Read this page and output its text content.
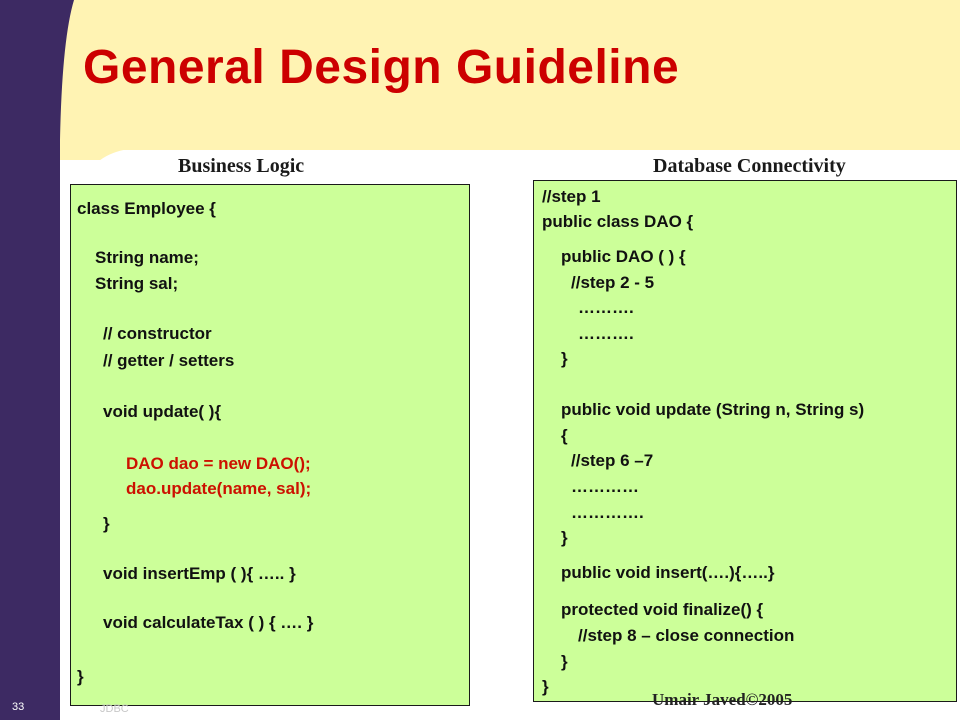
General Design Guideline
Business Logic	Database Connectivity
class Employee {
String name;
String sal;
// constructor
// getter / setters
void update( ){
DAO dao = new DAO();
dao.update(name, sal);
}
void insertEmp ( ){ ….. }
void calculateTax ( ) { …. }
}
//step 1
public class DAO {
public DAO ( ) {
//step 2 - 5
……….
……….
}
public void update (String n, String s)
{
//step 6 –7
…………
………….
}
public void insert(….){…..}
protected void finalize() {
//step 8 – close connection
}
}
Umair Javed©2005
33	JDBC
